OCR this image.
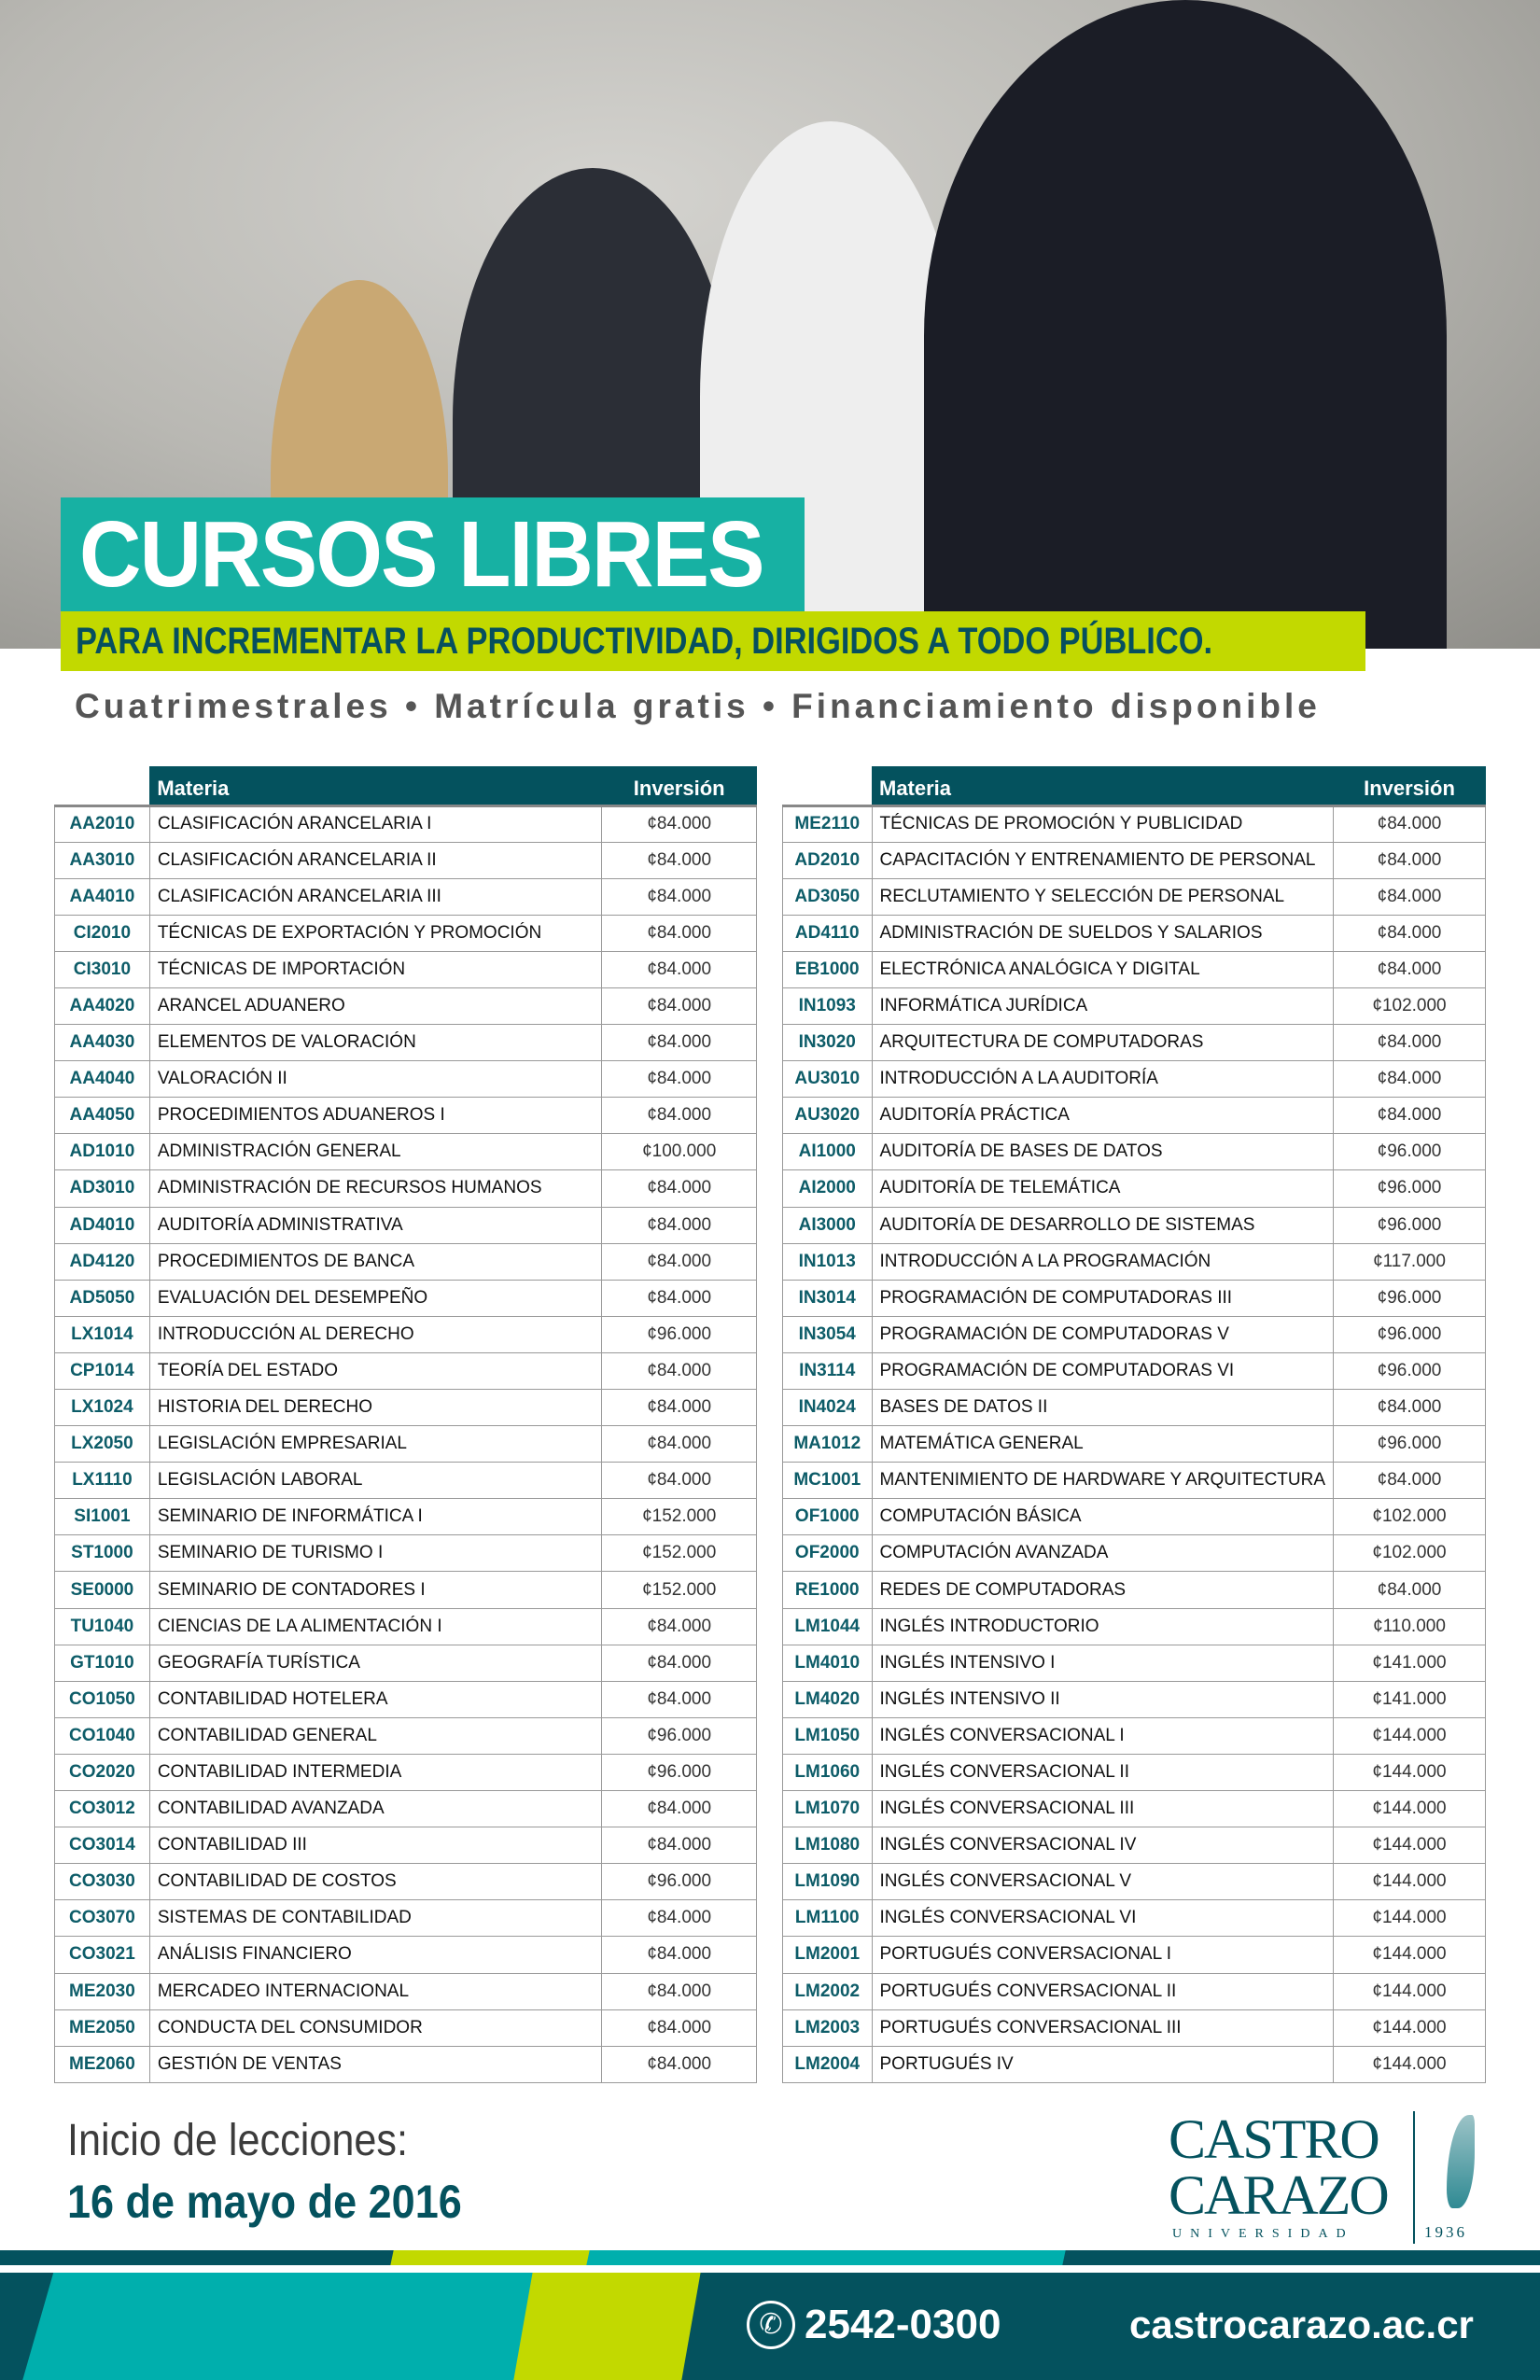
CURSOS LIBRES
PARA INCREMENTAR LA PRODUCTIVIDAD, DIRIGIDOS A TODO PÚBLICO.
Cuatrimestrales • Matrícula gratis • Financiamiento disponible
	Materia	Inversión
AA2010	CLASIFICACIÓN ARANCELARIA I	¢84.000
AA3010	CLASIFICACIÓN ARANCELARIA II	¢84.000
AA4010	CLASIFICACIÓN ARANCELARIA III	¢84.000
CI2010	TÉCNICAS DE EXPORTACIÓN Y PROMOCIÓN	¢84.000
CI3010	TÉCNICAS DE IMPORTACIÓN	¢84.000
AA4020	ARANCEL ADUANERO	¢84.000
AA4030	ELEMENTOS DE VALORACIÓN	¢84.000
AA4040	VALORACIÓN II	¢84.000
AA4050	PROCEDIMIENTOS ADUANEROS I	¢84.000
AD1010	ADMINISTRACIÓN GENERAL	¢100.000
AD3010	ADMINISTRACIÓN DE RECURSOS HUMANOS	¢84.000
AD4010	AUDITORÍA ADMINISTRATIVA	¢84.000
AD4120	PROCEDIMIENTOS DE BANCA	¢84.000
AD5050	EVALUACIÓN DEL DESEMPEÑO	¢84.000
LX1014	INTRODUCCIÓN AL DERECHO	¢96.000
CP1014	TEORÍA DEL ESTADO	¢84.000
LX1024	HISTORIA DEL DERECHO	¢84.000
LX2050	LEGISLACIÓN EMPRESARIAL	¢84.000
LX1110	LEGISLACIÓN LABORAL	¢84.000
SI1001	SEMINARIO DE INFORMÁTICA I	¢152.000
ST1000	SEMINARIO DE TURISMO I	¢152.000
SE0000	SEMINARIO DE CONTADORES I	¢152.000
TU1040	CIENCIAS DE LA ALIMENTACIÓN I	¢84.000
GT1010	GEOGRAFÍA TURÍSTICA	¢84.000
CO1050	CONTABILIDAD HOTELERA	¢84.000
CO1040	CONTABILIDAD GENERAL	¢96.000
CO2020	CONTABILIDAD INTERMEDIA	¢96.000
CO3012	CONTABILIDAD AVANZADA	¢84.000
CO3014	CONTABILIDAD III	¢84.000
CO3030	CONTABILIDAD DE COSTOS	¢96.000
CO3070	SISTEMAS DE CONTABILIDAD	¢84.000
CO3021	ANÁLISIS FINANCIERO	¢84.000
ME2030	MERCADEO INTERNACIONAL	¢84.000
ME2050	CONDUCTA DEL CONSUMIDOR	¢84.000
ME2060	GESTIÓN DE VENTAS	¢84.000
	Materia	Inversión
ME2110	TÉCNICAS DE PROMOCIÓN Y PUBLICIDAD	¢84.000
AD2010	CAPACITACIÓN Y ENTRENAMIENTO DE PERSONAL	¢84.000
AD3050	RECLUTAMIENTO Y SELECCIÓN DE PERSONAL	¢84.000
AD4110	ADMINISTRACIÓN DE SUELDOS Y SALARIOS	¢84.000
EB1000	ELECTRÓNICA ANALÓGICA Y DIGITAL	¢84.000
IN1093	INFORMÁTICA JURÍDICA	¢102.000
IN3020	ARQUITECTURA DE COMPUTADORAS	¢84.000
AU3010	INTRODUCCIÓN A LA AUDITORÍA	¢84.000
AU3020	AUDITORÍA PRÁCTICA	¢84.000
AI1000	AUDITORÍA DE BASES DE DATOS	¢96.000
AI2000	AUDITORÍA DE TELEMÁTICA	¢96.000
AI3000	AUDITORÍA DE DESARROLLO DE SISTEMAS	¢96.000
IN1013	INTRODUCCIÓN A LA PROGRAMACIÓN	¢117.000
IN3014	PROGRAMACIÓN DE COMPUTADORAS III	¢96.000
IN3054	PROGRAMACIÓN DE COMPUTADORAS V	¢96.000
IN3114	PROGRAMACIÓN DE COMPUTADORAS VI	¢96.000
IN4024	BASES DE DATOS II	¢84.000
MA1012	MATEMÁTICA GENERAL	¢96.000
MC1001	MANTENIMIENTO DE HARDWARE Y ARQUITECTURA	¢84.000
OF1000	COMPUTACIÓN BÁSICA	¢102.000
OF2000	COMPUTACIÓN AVANZADA	¢102.000
RE1000	REDES DE COMPUTADORAS	¢84.000
LM1044	INGLÉS INTRODUCTORIO	¢110.000
LM4010	INGLÉS INTENSIVO I	¢141.000
LM4020	INGLÉS INTENSIVO II	¢141.000
LM1050	INGLÉS CONVERSACIONAL I	¢144.000
LM1060	INGLÉS CONVERSACIONAL II	¢144.000
LM1070	INGLÉS CONVERSACIONAL III	¢144.000
LM1080	INGLÉS CONVERSACIONAL IV	¢144.000
LM1090	INGLÉS CONVERSACIONAL V	¢144.000
LM1100	INGLÉS CONVERSACIONAL VI	¢144.000
LM2001	PORTUGUÉS CONVERSACIONAL I	¢144.000
LM2002	PORTUGUÉS CONVERSACIONAL II	¢144.000
LM2003	PORTUGUÉS CONVERSACIONAL III	¢144.000
LM2004	PORTUGUÉS IV	¢144.000
Inicio de lecciones:
16 de mayo de 2016
CASTRO
CARAZO
UNIVERSIDAD	1936
✆ 2542-0300	castrocarazo.ac.cr
